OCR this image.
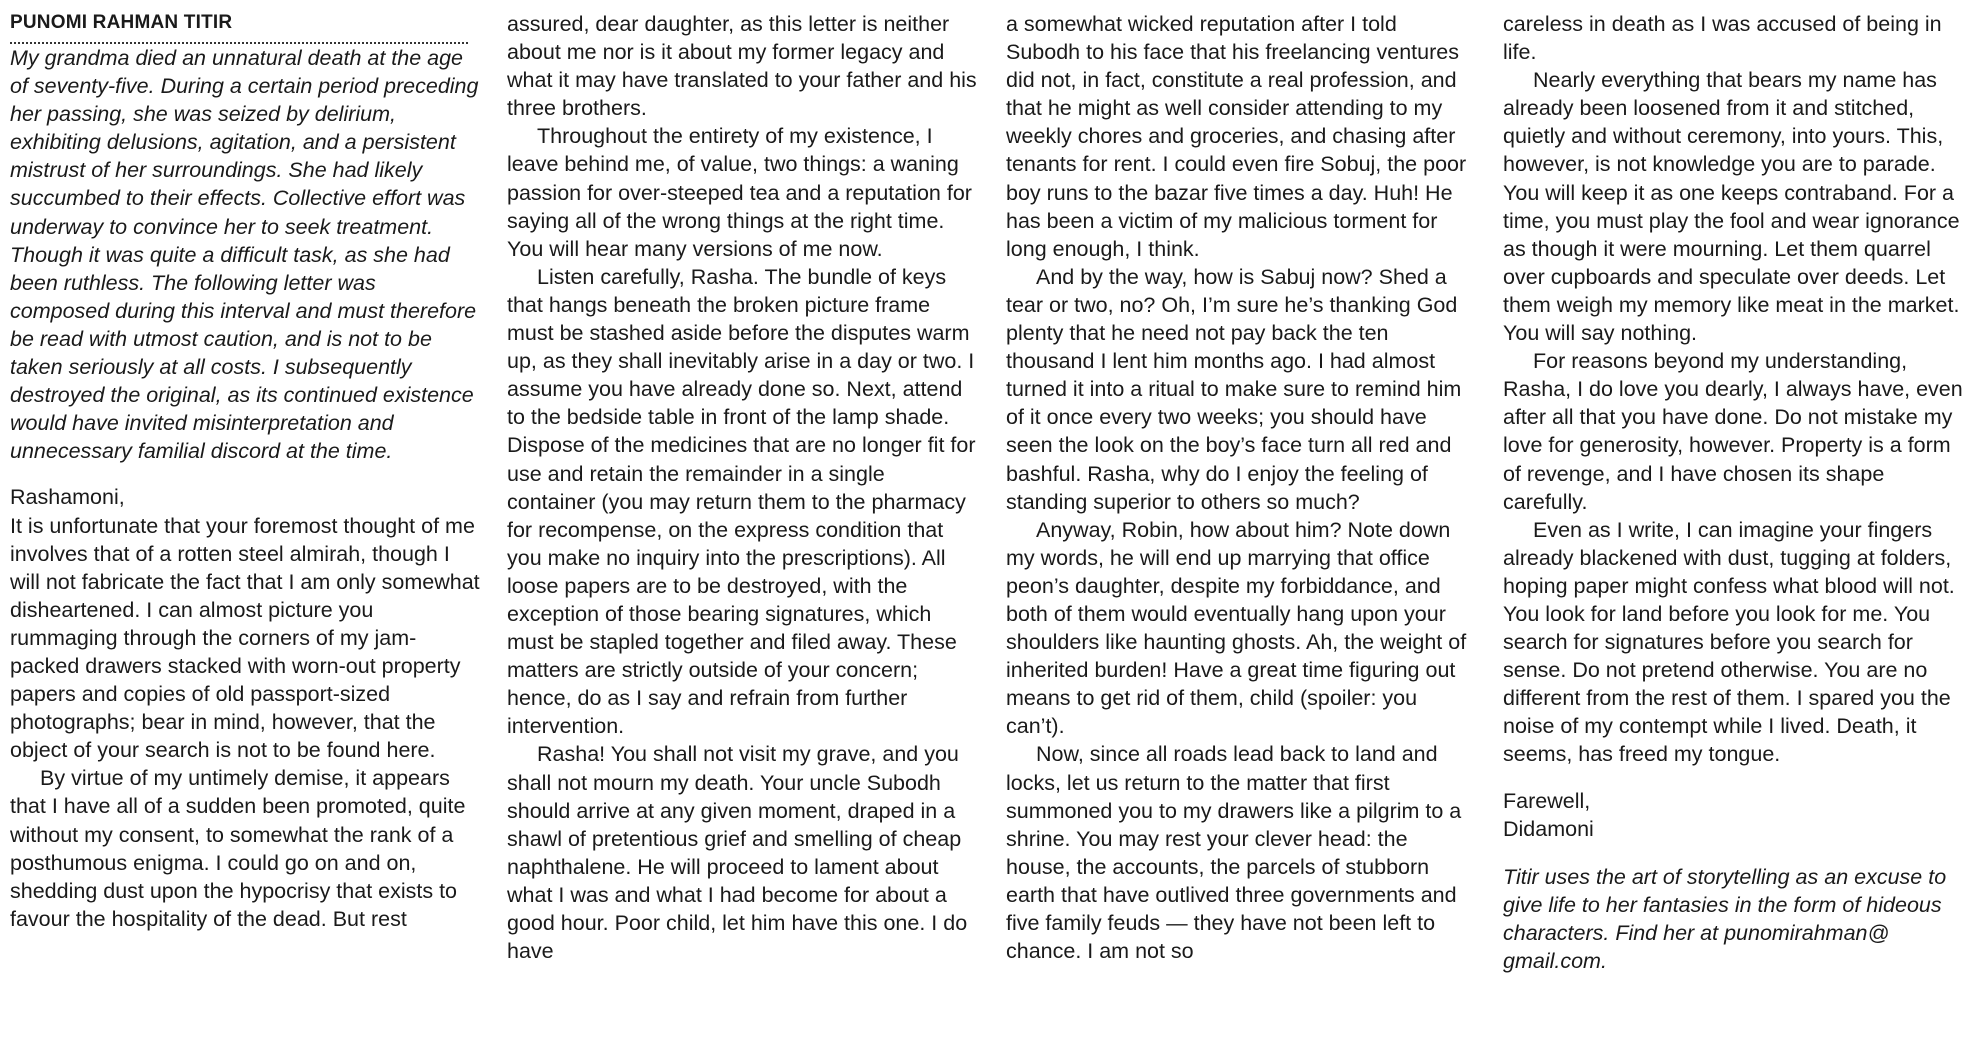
PUNOMI RAHMAN TITIR

My grandma died an unnatural death at the age of seventy-five. During a certain period preceding her passing, she was seized by delirium, exhibiting delusions, agitation, and a persistent mistrust of her surroundings. She had likely succumbed to their effects. Collective effort was underway to convince her to seek treatment. Though it was quite a difficult task, as she had been ruthless. The following letter was composed during this interval and must therefore be read with utmost caution, and is not to be taken seriously at all costs. I subsequently destroyed the original, as its continued existence would have invited misinterpretation and unnecessary familial discord at the time.

Rashamoni,

It is unfortunate that your foremost thought of me involves that of a rotten steel almirah, though I will not fabricate the fact that I am only somewhat disheartened. I can almost picture you rummaging through the corners of my jam-packed drawers stacked with worn-out property papers and copies of old passport-sized photographs; bear in mind, however, that the object of your search is not to be found here.

By virtue of my untimely demise, it appears that I have all of a sudden been promoted, quite without my consent, to somewhat the rank of a posthumous enigma. I could go on and on, shedding dust upon the hypocrisy that exists to favour the hospitality of the dead. But rest

assured, dear daughter, as this letter is neither about me nor is it about my former legacy and what it may have translated to your father and his three brothers.

Throughout the entirety of my existence, I leave behind me, of value, two things: a waning passion for over-steeped tea and a reputation for saying all of the wrong things at the right time. You will hear many versions of me now.

Listen carefully, Rasha. The bundle of keys that hangs beneath the broken picture frame must be stashed aside before the disputes warm up, as they shall inevitably arise in a day or two. I assume you have already done so. Next, attend to the bedside table in front of the lamp shade. Dispose of the medicines that are no longer fit for use and retain the remainder in a single container (you may return them to the pharmacy for recompense, on the express condition that you make no inquiry into the prescriptions). All loose papers are to be destroyed, with the exception of those bearing signatures, which must be stapled together and filed away. These matters are strictly outside of your concern; hence, do as I say and refrain from further intervention.

Rasha! You shall not visit my grave, and you shall not mourn my death. Your uncle Subodh should arrive at any given moment, draped in a shawl of pretentious grief and smelling of cheap naphthalene. He will proceed to lament about what I was and what I had become for about a good hour. Poor child, let him have this one. I do have

a somewhat wicked reputation after I told Subodh to his face that his freelancing ventures did not, in fact, constitute a real profession, and that he might as well consider attending to my weekly chores and groceries, and chasing after tenants for rent. I could even fire Sobuj, the poor boy runs to the bazar five times a day. Huh! He has been a victim of my malicious torment for long enough, I think.

And by the way, how is Sabuj now? Shed a tear or two, no? Oh, I’m sure he’s thanking God plenty that he need not pay back the ten thousand I lent him months ago. I had almost turned it into a ritual to make sure to remind him of it once every two weeks; you should have seen the look on the boy’s face turn all red and bashful. Rasha, why do I enjoy the feeling of standing superior to others so much?

Anyway, Robin, how about him? Note down my words, he will end up marrying that office peon’s daughter, despite my forbiddance, and both of them would eventually hang upon your shoulders like haunting ghosts. Ah, the weight of inherited burden! Have a great time figuring out means to get rid of them, child (spoiler: you can’t).

Now, since all roads lead back to land and locks, let us return to the matter that first summoned you to my drawers like a pilgrim to a shrine. You may rest your clever head: the house, the accounts, the parcels of stubborn earth that have outlived three governments and five family feuds — they have not been left to chance. I am not so

careless in death as I was accused of being in life.

Nearly everything that bears my name has already been loosened from it and stitched, quietly and without ceremony, into yours. This, however, is not knowledge you are to parade. You will keep it as one keeps contraband. For a time, you must play the fool and wear ignorance as though it were mourning. Let them quarrel over cupboards and speculate over deeds. Let them weigh my memory like meat in the market. You will say nothing.

For reasons beyond my understanding, Rasha, I do love you dearly, I always have, even after all that you have done. Do not mistake my love for generosity, however. Property is a form of revenge, and I have chosen its shape carefully.

Even as I write, I can imagine your fingers already blackened with dust, tugging at folders, hoping paper might confess what blood will not. You look for land before you look for me. You search for signatures before you search for sense. Do not pretend otherwise. You are no different from the rest of them. I spared you the noise of my contempt while I lived. Death, it seems, has freed my tongue.

Farewell,

Didamoni

Titir uses the art of storytelling as an excuse to give life to her fantasies in the form of hideous characters. Find her at punomirahman@ gmail.com.
